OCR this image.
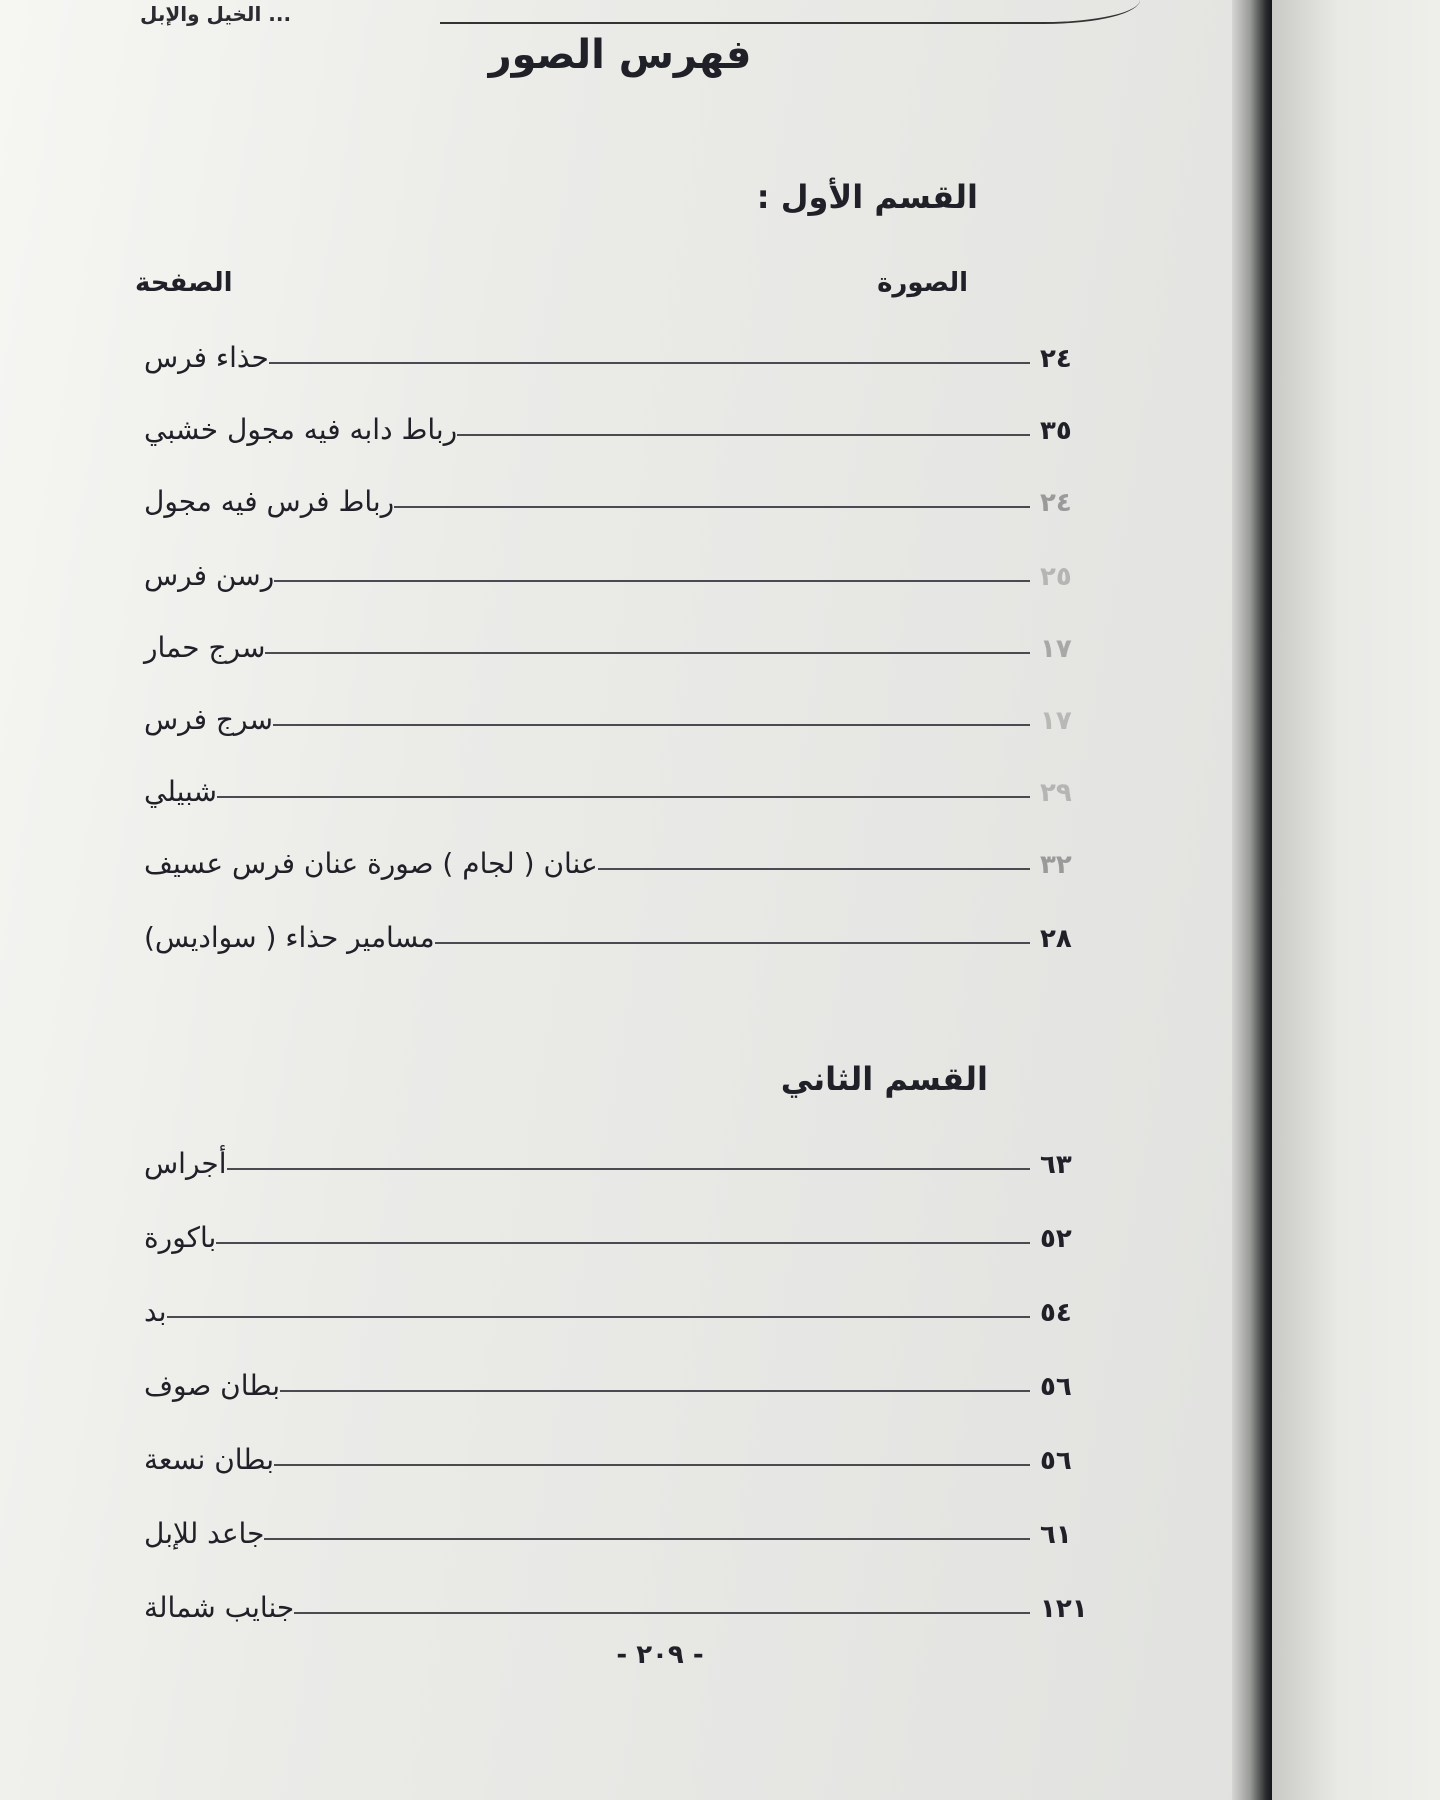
... الخيل والإبل
فهرس الصور
القسم الأول :
الصورة
الصفحة
حذاء فرس	٢٤
رباط دابه فيه مجول خشبي	٣٥
رباط فرس فيه مجول	٢٤
رسن فرس	٢٥
سرج حمار	١٧
سرج فرس	١٧
شبيلي	٢٩
عنان ( لجام ) صورة عنان فرس عسيف	٣٢
مسامير حذاء ( سواديس)	٢٨
القسم الثاني
أجراس	٦٣
باكورة	٥٢
بد	٥٤
بطان صوف	٥٦
بطان نسعة	٥٦
جاعد للإبل	٦١
جنايب شمالة	١٢١
- ٢٠٩ -
